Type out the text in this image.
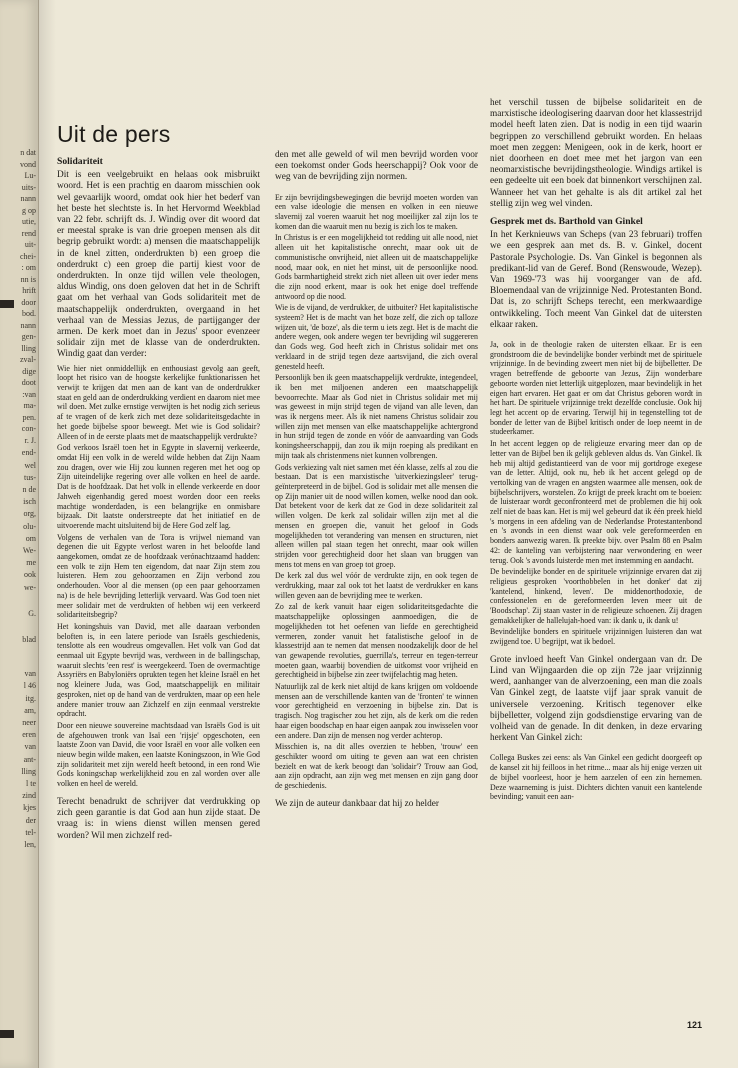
n dat
vond
Lu-
uits-
nann
g op
utie,
rend
uit-
chei-
: om
nn is
hrift
door
bod.
nann
gen-
lling
zval-
dige
doot
:van
ma-
pen.
con-
r. J.
end-
wel
tus-
n de
isch
org,
olu-
om
We-
me
ook
we-
G.
blad
van
l 46
itg.
am,
neer
eren
van
ant-
lling
l te
zind
kjes
der
tel-
len,
Uit de pers

Solidariteit

Dit is een veelgebruikt en helaas ook misbruikt woord. Het is een prachtig en daarom misschien ook wel gevaarlijk woord, omdat ook hier het bederf van het beste het slechtste is. In het Hervormd Weekblad van 22 febr. schrijft ds. J. Windig over dit woord dat er meestal sprake is van drie groepen mensen als dit begrip gebruikt wordt: a) mensen die maatschappelijk in de knel zitten, onderdrukten b) een groep die onderdrukt c) een groep die partij kiest voor de onderdrukten. In onze tijd willen vele theologen, aldus Windig, ons doen geloven dat het in de Schrift gaat om het verhaal van Gods solidariteit met de maatschappelijk onderdrukten, overgaand in het verhaal van de Messias Jezus, de partijganger der armen. De kerk moet dan in Jezus' spoor evenzeer solidair zijn met de klasse van de onderdrukten. Windig gaat dan verder:

Wie hier niet onmiddellijk en enthousiast gevolg aan geeft, loopt het risico van de hoogste kerkelijke funktionarissen het verwijt te krijgen dat men aan de kant van de onderdrukker staat en geld aan de onderdrukking verdient en daarom niet mee wil doen. Met zulke ernstige verwijten is het nodig zich serieus af te vragen of de kerk zich met deze solidariteitsgedachte in het goede bijbelse spoor beweegt. Met wie is God solidair? Alleen of in de eerste plaats met de maatschappelijk verdrukte?

God verkoos Israël toen het in Egypte in slavernij verkeerde, omdat Hij een volk in de wereld wilde hebben dat Zijn Naam zou dragen, over wie Hij zou kunnen regeren met het oog op Zijn uiteindelijke regering over alle volken en heel de aarde. Dat is de hoofdzaak. Dat het volk in ellende verkeerde en door Jahweh eigenhandig gered moest worden door een reeks machtige wonderdaden, is een belangrijke en onmisbare bijzaak. Dit laatste onderstreepte dat het initiatief en de uitvoerende macht uitsluitend bij de Here God zelf lag.

Volgens de verhalen van de Tora is vrijwel niemand van degenen die uit Egypte verlost waren in het beloofde land aangekomen, omdat ze de hoofdzaak verónachtzaamd hadden: een volk te zijn Hem ten eigendom, dat naar Zijn stem zou luisteren. Hem zou gehoorzamen en Zijn verbond zou onderhouden. Voor al die mensen (op een paar gehoorzamen na) is de hele bevrijding letterlijk vervaard. Was God toen niet meer solidair met de verdrukten of hebben wij een verkeerd solidariteitsbegrip?

Het koningshuis van David, met alle daaraan verbonden beloften is, in een latere periode van Israëls geschiedenis, tenslotte als een woudreus omgevallen. Het volk van God dat eenmaal uit Egypte bevrijd was, verdween in de ballingschap, waaruit slechts 'een rest' is weergekeerd. Toen de overmachtige Assyriërs en Babyloniërs oprukten tegen het kleine Israël en het nog kleinere Juda, was God, maatschappelijk en militair gesproken, niet op de hand van de verdrukten, maar op een hele andere manier trouw aan Zichzelf en zijn eenmaal verstrekte opdracht.

Door een nieuwe souvereine machtsdaad van Israëls God is uit de afgehouwen tronk van Isaï een 'rijsje' opgeschoten, een laatste Zoon van David, die voor Israël en voor alle volken een nieuw begin wilde maken, een laatste Koningszoon, in Wie God zijn solidariteit met zijn wereld heeft betoond, in een rond Wie Gods koningschap werkelijkheid zou en zal worden over alle volken en heel de wereld.

Terecht benadrukt de schrijver dat verdrukking op zich geen garantie is dat God aan hun zijde staat. De vraag is: in wiens dienst willen mensen gered worden? Wil men zichzelf red-

den met alle geweld of wil men bevrijd worden voor een toekomst onder Gods heerschappij? Ook voor de weg van de bevrijding zijn normen.

Er zijn bevrijdingsbewegingen die bevrijd moeten worden van een valse ideologie die mensen en volken in een nieuwe slavernij zal voeren waaruit het nog moeilijker zal zijn los te komen dan die waaruit men nu bezig is zich los te maken.

In Christus is er een mogelijkheid tot redding uit alle nood, niet alleen uit het kapitalistische onrecht, maar ook uit de communistische onvrijheid, niet alleen uit de maatschappelijke nood, maar ook, en niet het minst, uit de persoonlijke nood. Gods barmhartigheid strekt zich niet alleen uit over ieder mens die zijn nood erkent, maar is ook het enige doel treffende antwoord op die nood.

Wie is de vijand, de verdrukker, de uitbuiter? Het kapitalistische systeem? Het is de macht van het boze zelf, die zich op talloze wijzen uit, 'de boze', als die term u iets zegt. Het is de macht die andere wegen, ook andere wegen ter bevrijding wil suggereren dan Gods weg. God heeft zich in Christus solidair met ons verklaard in de strijd tegen deze aartsvijand, die zich overal genesteld heeft.

Persoonlijk ben ik geen maatschappelijk verdrukte, integendeel, ik ben met miljoenen anderen een maatschappelijk bevoorrechte. Maar als God niet in Christus solidair met mij was geweest in mijn strijd tegen de vijand van alle leven, dan was ik nergens meer. Als ik niet namens Christus solidair zou willen zijn met mensen van elke maatschappelijke achtergrond in hun strijd tegen de zonde en vóór de aanvaarding van Gods koningsheerschappij, dan zou ik mijn roeping als predikant en mijn taak als christenmens niet kunnen volbrengen.

Gods verkiezing valt niet samen met één klasse, zelfs al zou die bestaan. Dat is een marxistische 'uitverkiezingsleer' terug-geïnterpreteerd in de bijbel. God is solidair met alle mensen die op Zijn manier uit de nood willen komen, welke nood dan ook. Dat betekent voor de kerk dat ze God in deze solidariteit zal willen volgen. De kerk zal solidair willen zijn met al die mensen en groepen die, vanuit het geloof in Gods mogelijkheden tot verandering van mensen en structuren, niet alleen willen pal staan tegen het onrecht, maar ook willen strijden voor gerechtigheid door het slaan van bruggen van mens tot mens en van groep tot groep.

De kerk zal dus wel vóór de verdrukte zijn, en ook tegen de verdrukking, maar zal ook tot het laatst de verdrukker en kans willen geven aan de bevrijding mee te werken.

Zo zal de kerk vanuit haar eigen solidariteitsgedachte die maatschappelijke oplossingen aanmoedigen, die de mogelijkheden tot het oefenen van liefde en gerechtigheid vermeren, zonder vanuit het fatalistische geloof in de klassestrijd aan te nemen dat mensen noodzakelijk door de hel van gewapende revoluties, guerrilla's, terreur en tegen-terreur moeten gaan, waarbij bovendien de uitkomst voor vrijheid en gerechtigheid in bijbelse zin zeer twijfelachtig mag heten.

Natuurlijk zal de kerk niet altijd de kans krijgen om voldoende mensen aan de verschillende kanten van de 'fronten' te winnen voor gerechtigheid en verzoening in bijbelse zin. Dat is tragisch. Nog tragischer zou het zijn, als de kerk om die reden haar eigen boodschap en haar eigen aanpak zou inwisselen voor een andere. Dan zijn de mensen nog verder achterop.

Misschien is, na dit alles overzien te hebben, 'trouw' een geschikter woord om uiting te geven aan wat een christen bezielt en wat de kerk beoogt dan 'solidair'? Trouw aan God, aan zijn opdracht, aan zijn weg met mensen en zijn gang door de geschiedenis.

We zijn de auteur dankbaar dat hij zo helder

het verschil tussen de bijbelse solidariteit en de marxistische ideologisering daarvan door het klassestrijd model heeft laten zien. Dat is nodig in een tijd waarin begrippen zo verschillend gebruikt worden. En helaas moet men zeggen: Menigeen, ook in de kerk, hoort er niet doorheen en doet mee met het jargon van een neomarxistische bevrijdingstheologie. Windigs artikel is een gedeelte uit een boek dat binnenkort verschijnen zal. Wanneer het van het gehalte is als dit artikel zal het stellig zijn weg wel vinden.

Gesprek met ds. Barthold van Ginkel

In het Kerknieuws van Scheps (van 23 februari) troffen we een gesprek aan met ds. B. v. Ginkel, docent Pastorale Psychologie. Ds. Van Ginkel is begonnen als predikant-lid van de Geref. Bond (Renswoude, Wezep). Van 1969-'73 was hij voorganger van de afd. Bloemendaal van de vrijzinnige Ned. Protestanten Bond. Dat is, zo schrijft Scheps terecht, een merkwaardige ontwikkeling. Toch meent Van Ginkel dat de uitersten elkaar raken.

Ja, ook in de theologie raken de uitersten elkaar. Er is een grondstroom die de bevindelijke bonder verbindt met de spirituele vrijzinnige. In de bevinding zweert men niet bij de bijbelletter. De vragen betreffende de geboorte van Jezus, Zijn wonderbare geboorte worden niet letterlijk uitgeplozen, maar bevindelijk in het eigen hart ervaren. Het gaat er om dat Christus geboren wordt in het hart. De spirituele vrijzinnige trekt dezelfde conclusie. Ook hij legt het accent op de ervaring. Terwijl hij in tegenstelling tot de bonder de letter van de Bijbel kritisch onder de loep neemt in de studeerkamer.

In het accent leggen op de religieuze ervaring meer dan op de letter van de Bijbel ben ik gelijk gebleven aldus ds. Van Ginkel. Ik heb mij altijd gedistantieerd van de voor mij gortdroge exegese van de letter. Altijd, ook nu, heb ik het accent gelegd op de vertolking van de vragen en angsten waarmee alle mensen, ook de bijbelschrijvers, worstelen. Zo krijgt de preek kracht om te boeien: de luisteraar wordt geconfronteerd met de problemen die hij ook zelf niet de baas kan. Het is mij wel gebeurd dat ik één preek hield 's morgens in een afdeling van de Nederlandse Protestantenbond en 's avonds in een dienst waar ook vele gereformeerden en bonders aanwezig waren. Ik preekte bijv. over Psalm 88 en Psalm 42: de kanteling van verbijstering naar verwondering en weer terug. Ook 's avonds luisterde men met instemming en aandacht.

De bevindelijke bonder en de spirituele vrijzinnige ervaren dat zij religieus gesproken 'voorthobbelen in het donker' dat zij 'kantelend, hinkend, leven'. De middenorthodoxie, de confessionelen en de gereformeerden leven meer uit de 'Boodschap'. Zij staan vaster in de religieuze schoenen. Zij dragen gemakkelijker de hallelujah-hoed van: ik dank u, ik dank u!

Bevindelijke bonders en spirituele vrijzinnigen luisteren dan wat zwijgend toe. U begrijpt, wat ik bedoel.

Grote invloed heeft Van Ginkel ondergaan van dr. De Lind van Wijngaarden die op zijn 72e jaar vrijzinnig werd, aanhanger van de alverzoening, een man die zoals Van Ginkel zegt, de laatste vijf jaar sprak vanuit de universele verzoening. Kritisch tegenover elke bijbelletter, volgend zijn godsdienstige ervaring van de volheid van de genade. In dit denken, in deze ervaring herkent Van Ginkel zich:

Collega Buskes zei eens: als Van Ginkel een gedicht doorgeeft op de kansel zit hij feilloos in het ritme... maar als hij enige verzen uit de bijbel voorleest, hoor je hem aarzelen of een zin hernemen. Deze waarneming is juist. Dichters dichten vanuit een kantelende bevinding; vanuit een aan-

121
